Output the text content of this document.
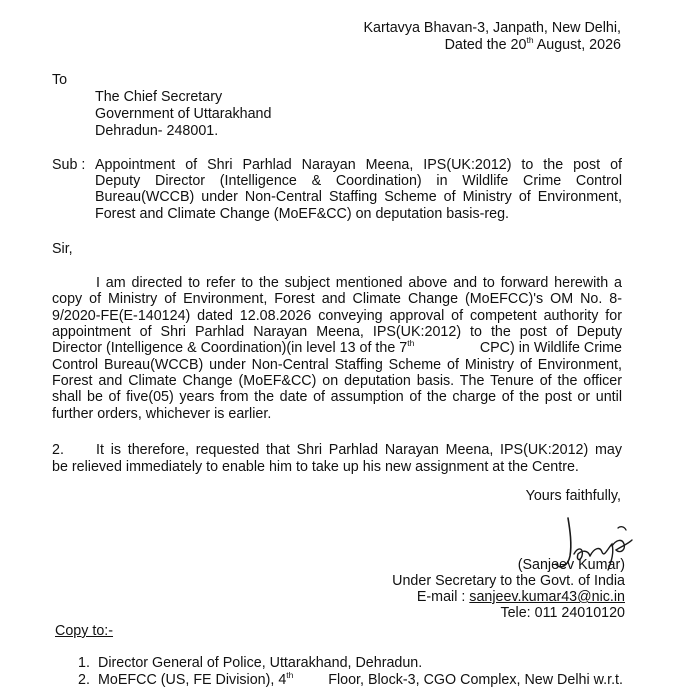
Kartavya Bhavan-3, Janpath, New Delhi,
Dated the 20th August, 2026
To
The Chief Secretary
Government of Uttarakhand
Dehradun- 248001.
Sub : Appointment of Shri Parhlad Narayan Meena, IPS(UK:2012) to the post of
Deputy Director (Intelligence & Coordination) in Wildlife Crime Control
Bureau(WCCB) under Non-Central Staffing Scheme of Ministry of Environment,
Forest and Climate Change (MoEF&CC) on deputation basis-reg.
Sir,
I am directed to refer to the subject mentioned above and to forward herewith a
copy of Ministry of Environment, Forest and Climate Change (MoEFCC)'s OM No. 8-
9/2020-FE(E-140124) dated 12.08.2026 conveying approval of competent authority for
appointment of Shri Parhlad Narayan Meena, IPS(UK:2012) to the post of Deputy
Director (Intelligence & Coordination)(in level 13 of the 7th	CPC) in Wildlife Crime
Control Bureau(WCCB) under Non-Central Staffing Scheme of Ministry of Environment,
Forest and Climate Change (MoEF&CC) on deputation basis. The Tenure of the officer
shall be of five(05) years from the date of assumption of the charge of the post or until
further orders, whichever is earlier.
2. It is therefore, requested that Shri Parhlad Narayan Meena, IPS(UK:2012) may
be relieved immediately to enable him to take up his new assignment at the Centre.
Yours faithfully,
(Sanjeev Kumar)
Under Secretary to the Govt. of India
E-mail : sanjeev.kumar43@nic.in
Tele: 011 24010120
Copy to:-
1. Director General of Police, Uttarakhand, Dehradun.
2. MoEFCC (US, FE Division), 4th Floor, Block-3, CGO Complex, New Delhi w.r.t.
